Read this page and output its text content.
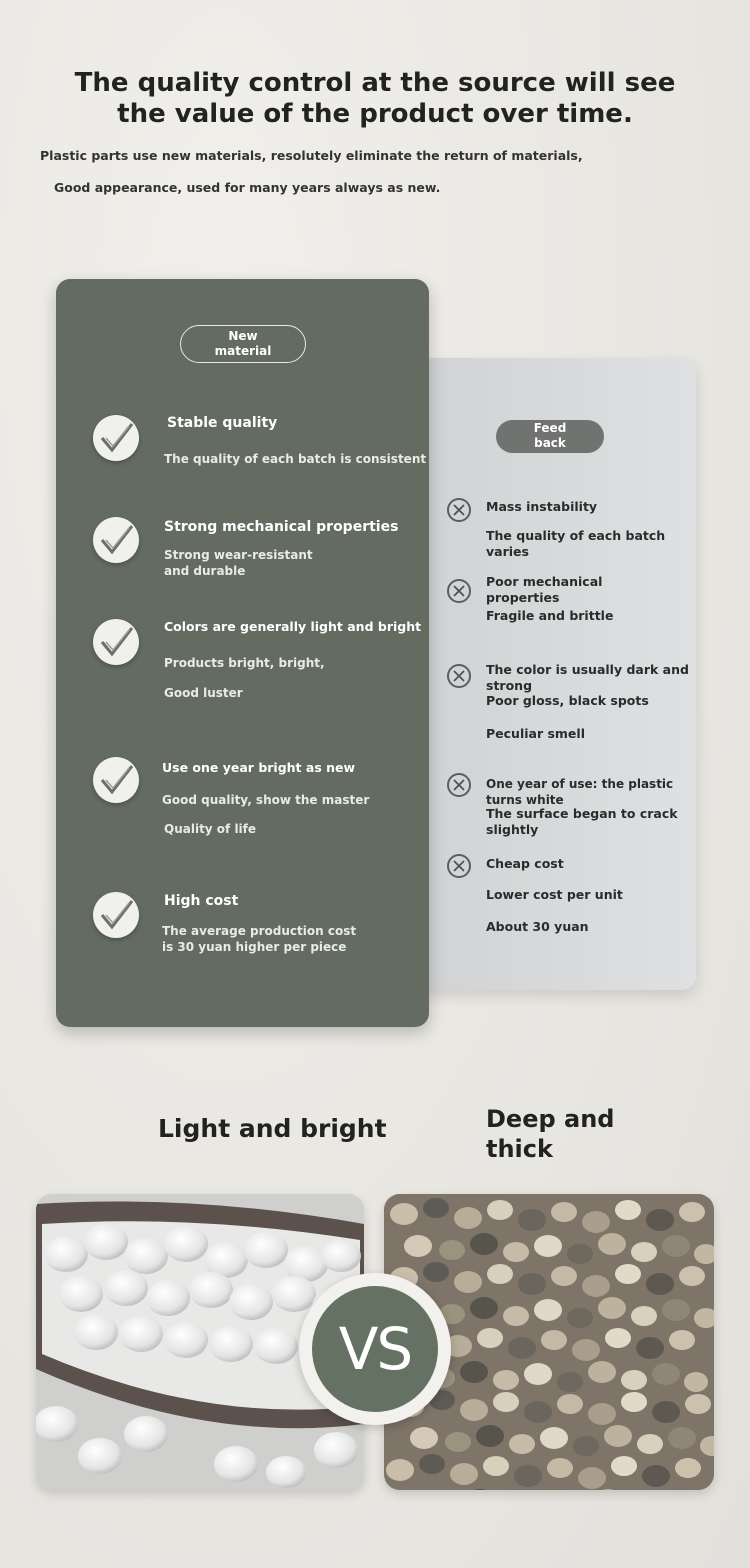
The quality control at the source will see
the value of the product over time.
Plastic parts use new materials, resolutely eliminate the return of materials,
Good appearance, used for many years always as new.
Feed
back
Mass instability
The quality of each batch varies
Poor mechanical
properties
Fragile and brittle
The color is usually dark and strong
Poor gloss, black spots
Peculiar smell
One year of use: the plastic turns white
The surface began to crack slightly
Cheap cost
Lower cost per unit
About 30 yuan
New
material
Stable quality
The quality of each batch is consistent
Strong mechanical properties
Strong wear-resistant
and durable
Colors are generally light and bright
Products bright, bright,
Good luster
Use one year bright as new
Good quality, show the master
Quality of life
High cost
The average production cost
is 30 yuan higher per piece
Light and bright	Deep and
thick
VS
